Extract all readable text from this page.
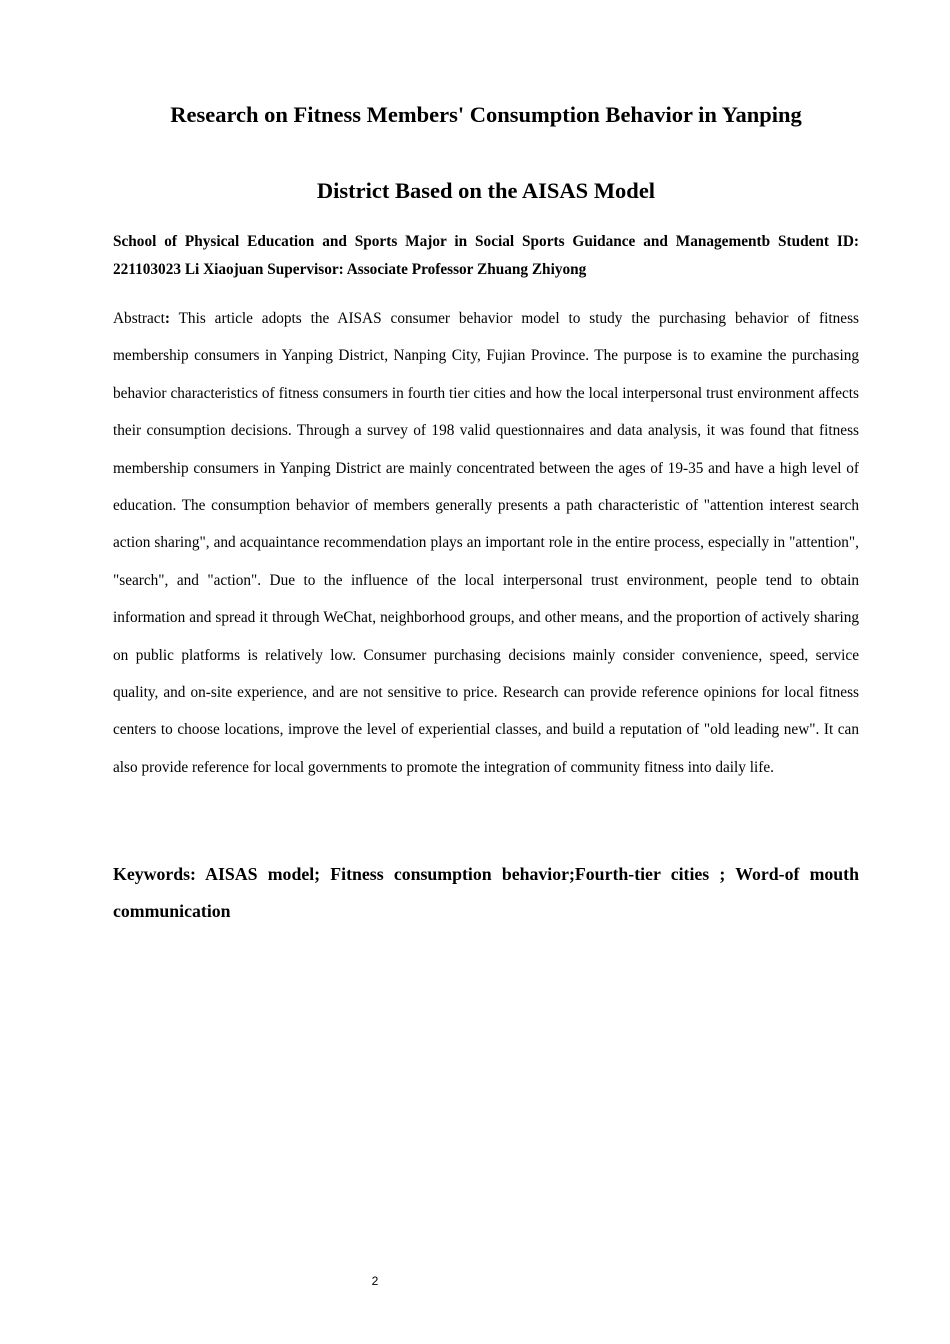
Research on Fitness Members' Consumption Behavior in Yanping
District Based on the AISAS Model

School of Physical Education and Sports Major in Social Sports Guidance and Managementb Student ID: 221103023 Li Xiaojuan Supervisor: Associate Professor Zhuang Zhiyong

Abstract: This article adopts the AISAS consumer behavior model to study the purchasing behavior of fitness membership consumers in Yanping District, Nanping City, Fujian Province. The purpose is to examine the purchasing behavior characteristics of fitness consumers in fourth tier cities and how the local interpersonal trust environment affects their consumption decisions. Through a survey of 198 valid questionnaires and data analysis, it was found that fitness membership consumers in Yanping District are mainly concentrated between the ages of 19-35 and have a high level of education. The consumption behavior of members generally presents a path characteristic of "attention interest search action sharing", and acquaintance recommendation plays an important role in the entire process, especially in "attention", "search", and "action". Due to the influence of the local interpersonal trust environment, people tend to obtain information and spread it through WeChat, neighborhood groups, and other means, and the proportion of actively sharing on public platforms is relatively low. Consumer purchasing decisions mainly consider convenience, speed, service quality, and on-site experience, and are not sensitive to price. Research can provide reference opinions for local fitness centers to choose locations, improve the level of experiential classes, and build a reputation of "old leading new". It can also provide reference for local governments to promote the integration of community fitness into daily life.

Keywords: AISAS model; Fitness consumption behavior;Fourth-tier cities ; Word-of mouth communication

2
